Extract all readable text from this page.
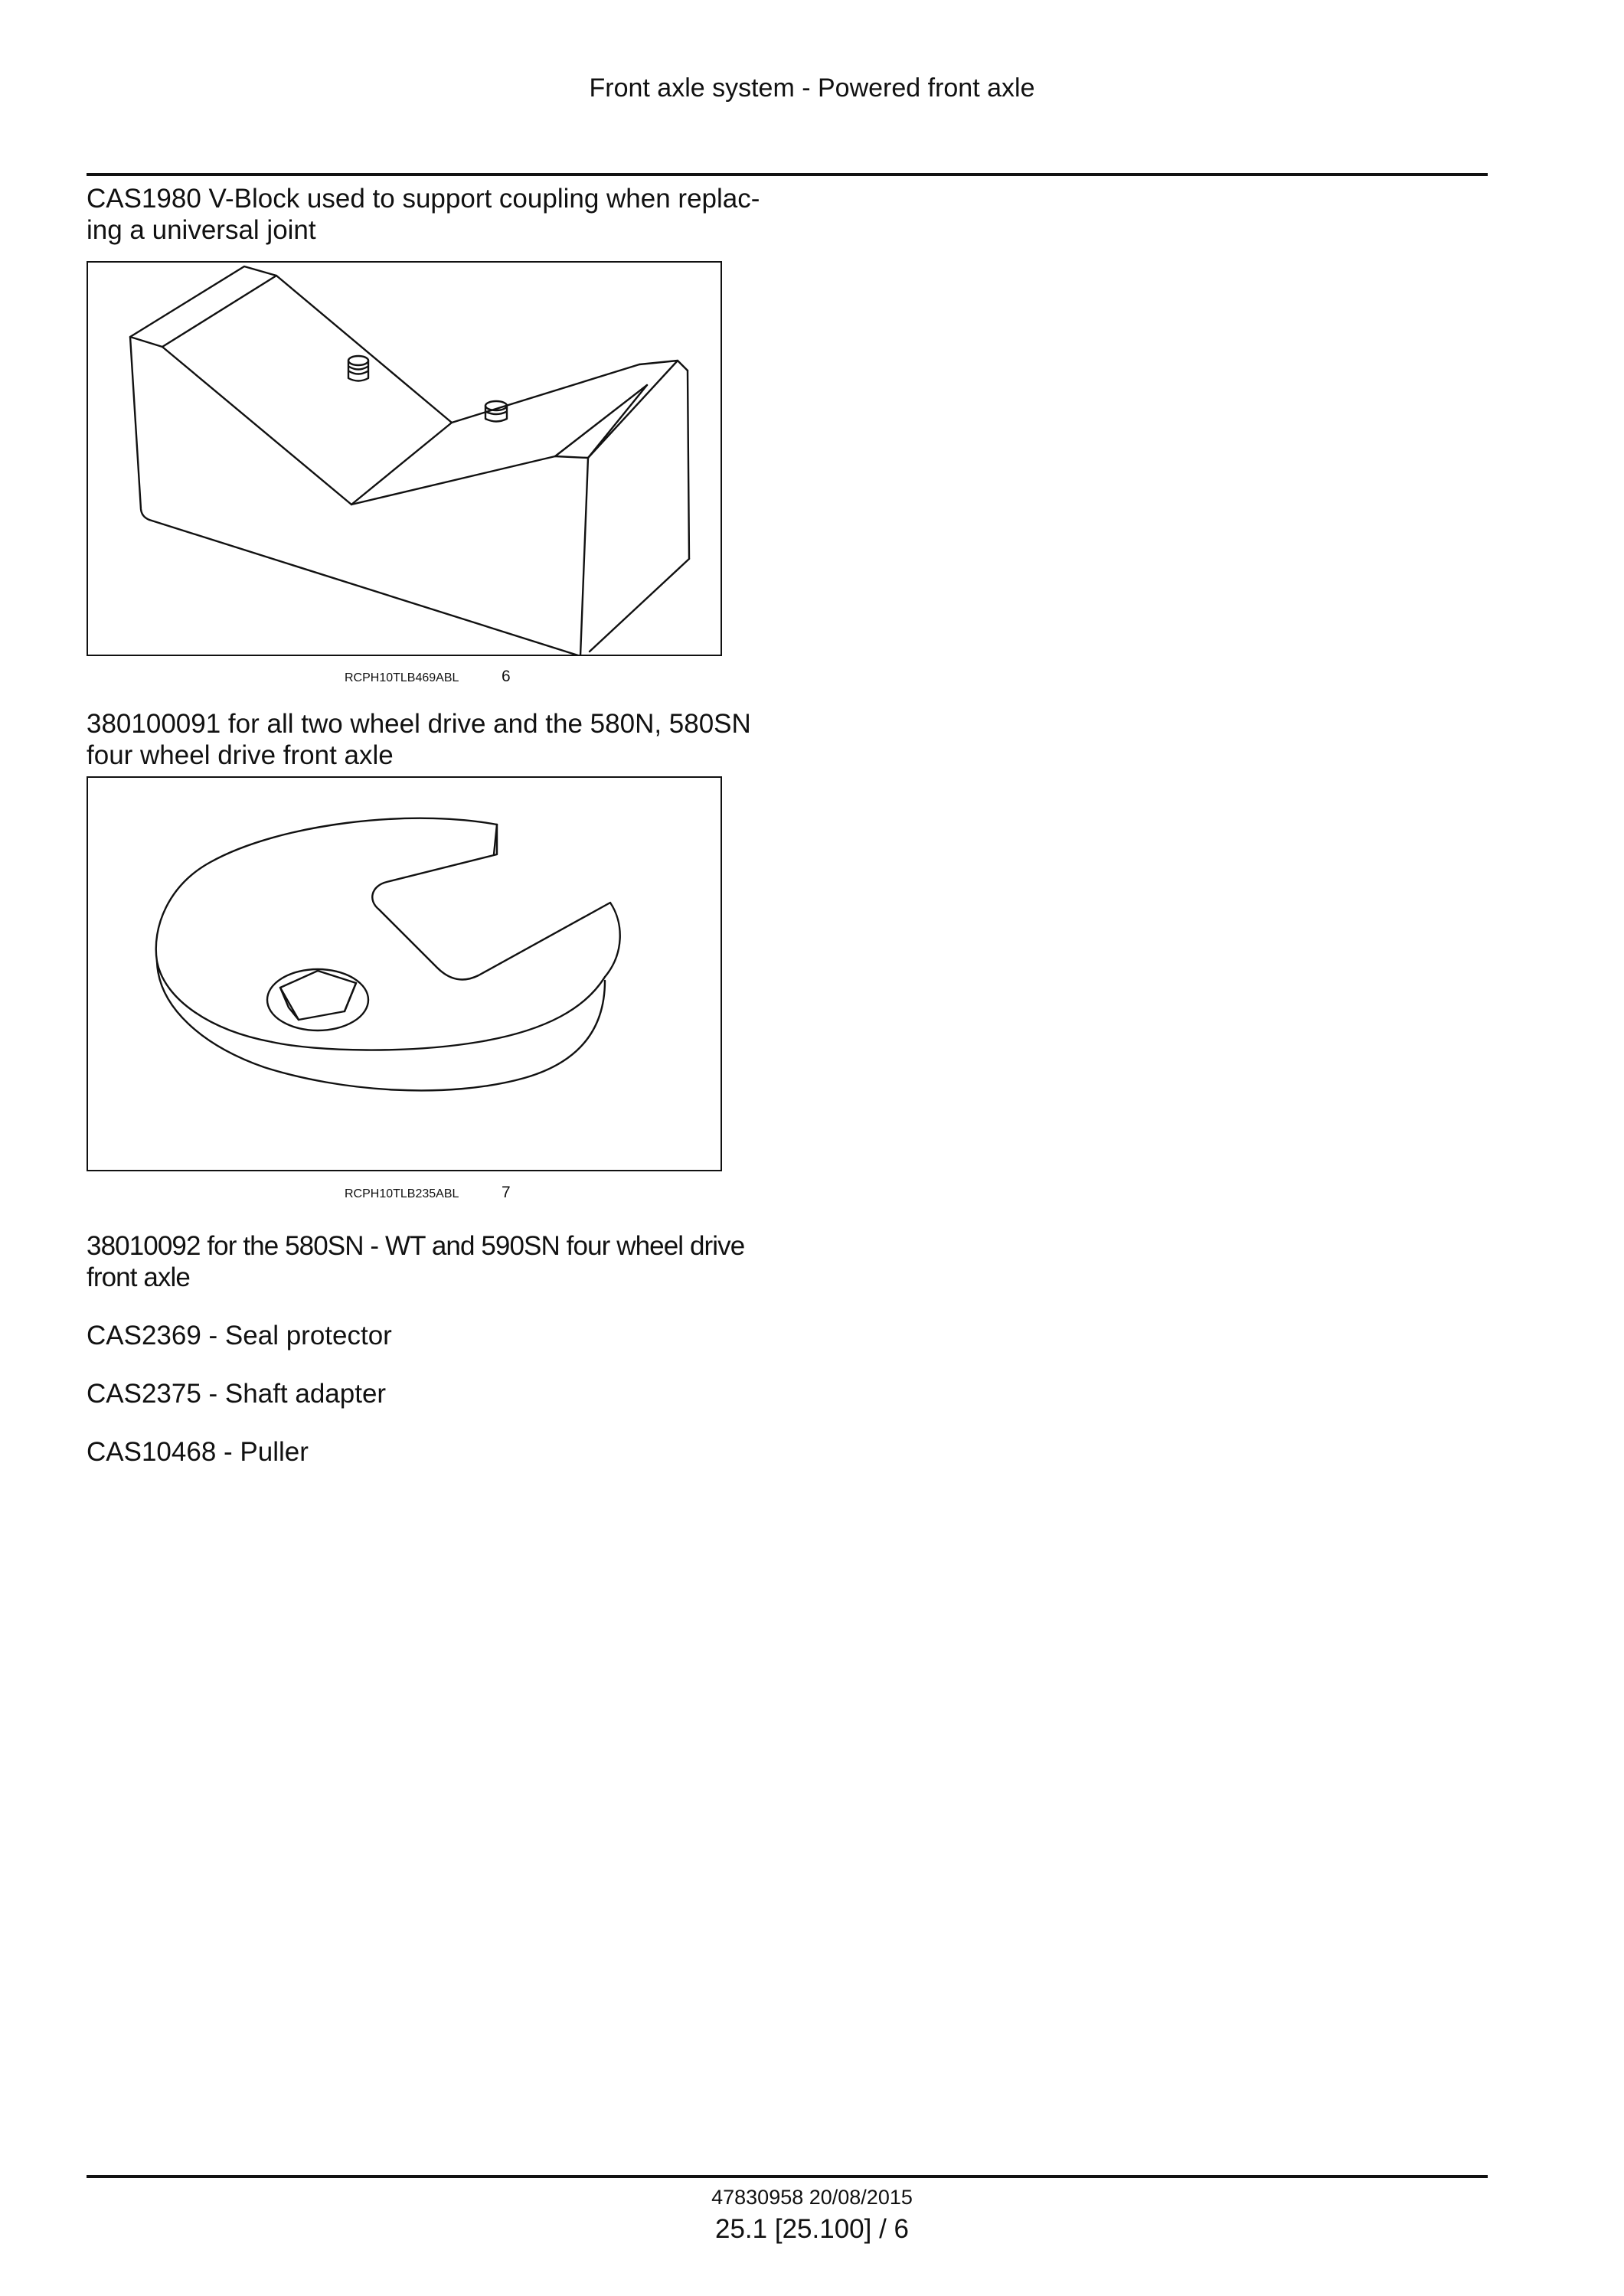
Front axle system - Powered front axle
CAS1980 V-Block used to support coupling when replac-
ing a universal joint
RCPH10TLB469ABL	6
380100091 for all two wheel drive and the 580N, 580SN
four wheel drive front axle
RCPH10TLB235ABL	7
38010092 for the 580SN - WT and 590SN four wheel drive
front axle
CAS2369 - Seal protector
CAS2375 - Shaft adapter
CAS10468 - Puller
47830958 20/08/2015
25.1 [25.100] / 6
